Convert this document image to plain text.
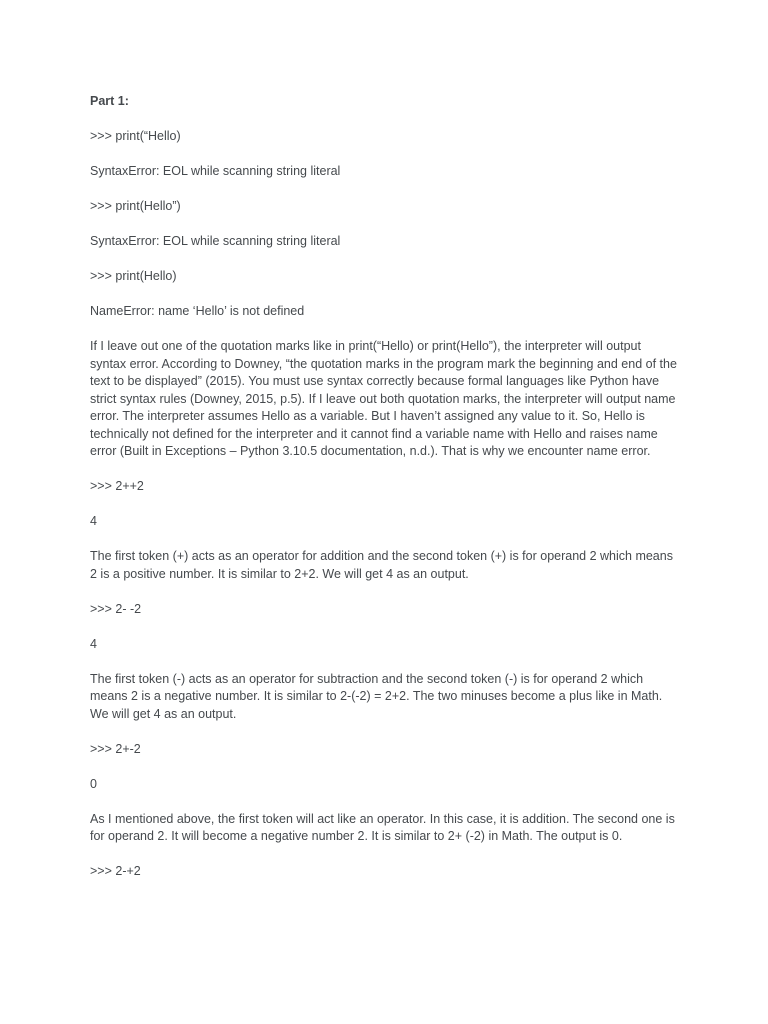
Part 1:

>>> print(“Hello)

SyntaxError: EOL while scanning string literal

>>> print(Hello”)

SyntaxError: EOL while scanning string literal

>>> print(Hello)

NameError: name ‘Hello’ is not defined

If I leave out one of the quotation marks like in print(“Hello) or print(Hello”), the interpreter will output syntax error. According to Downey, “the quotation marks in the program mark the beginning and end of the text to be displayed” (2015). You must use syntax correctly because formal languages like Python have strict syntax rules (Downey, 2015, p.5). If I leave out both quotation marks, the interpreter will output name error. The interpreter assumes Hello as a variable. But I haven’t assigned any value to it. So, Hello is technically not defined for the interpreter and it cannot find a variable name with Hello and raises name error (Built in Exceptions – Python 3.10.5 documentation, n.d.). That is why we encounter name error.

>>> 2++2

4

The first token (+) acts as an operator for addition and the second token (+) is for operand 2 which means 2 is a positive number. It is similar to 2+2. We will get 4 as an output.

>>> 2- -2

4

The first token (-) acts as an operator for subtraction and the second token (-) is for operand 2 which means 2 is a negative number. It is similar to 2-(-2) = 2+2. The two minuses become a plus like in Math. We will get 4 as an output.

>>> 2+-2

0

As I mentioned above, the first token will act like an operator. In this case, it is addition. The second one is for operand 2. It will become a negative number 2. It is similar to 2+ (-2) in Math. The output is 0.

>>> 2-+2
